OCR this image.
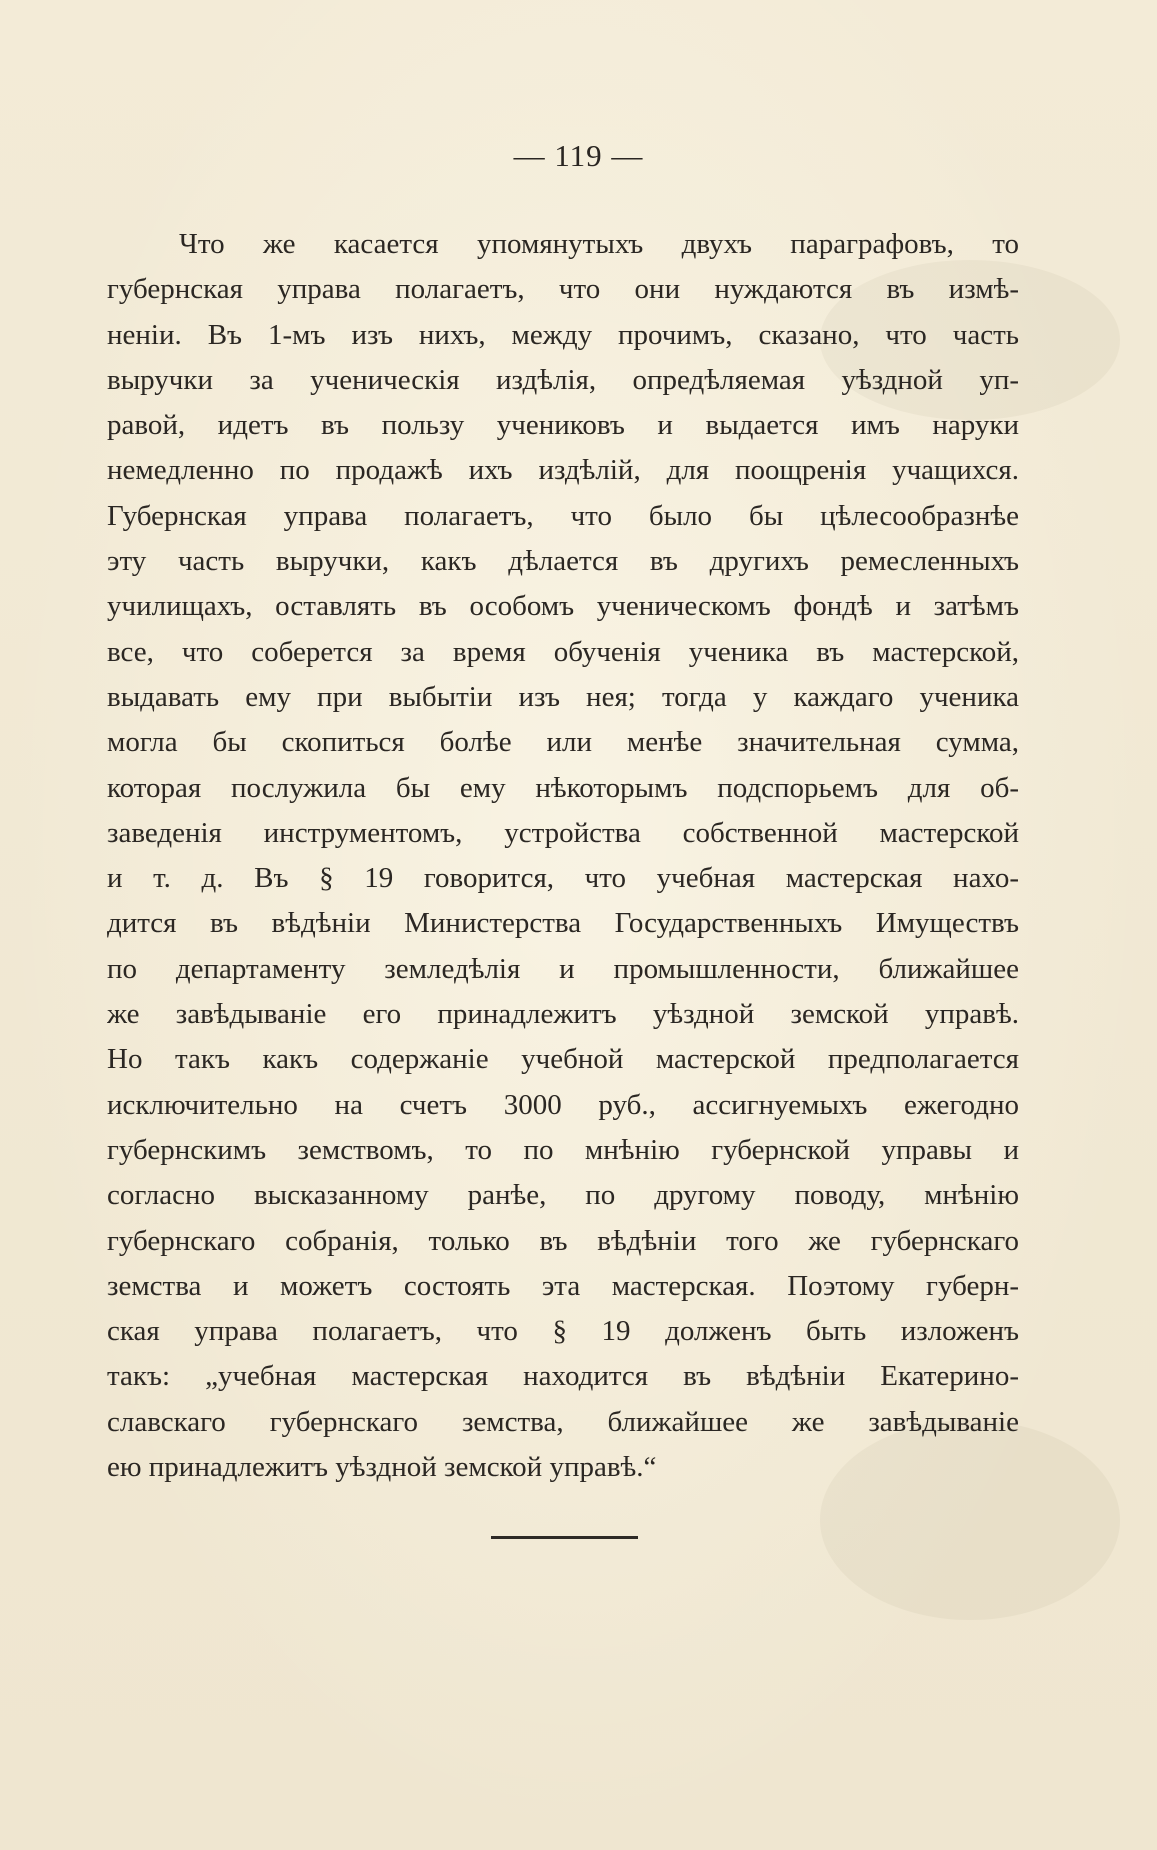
— 119 —
Что же касается упомянутыхъ двухъ параграфовъ, то
губернская управа полагаетъ, что они нуждаются въ измѣ-
неніи. Въ 1-мъ изъ нихъ, между прочимъ, сказано, что часть
выручки за ученическія издѣлія, опредѣляемая уѣздной уп-
равой, идетъ въ пользу учениковъ и выдается имъ наруки
немедленно по продажѣ ихъ издѣлій, для поощренія учащихся.
Губернская управа полагаетъ, что было бы цѣлесообразнѣе
эту часть выручки, какъ дѣлается въ другихъ ремесленныхъ
училищахъ, оставлять въ особомъ ученическомъ фондѣ и затѣмъ
все, что соберется за время обученія ученика въ мастерской,
выдавать ему при выбытіи изъ нея; тогда у каждаго ученика
могла бы скопиться болѣе или менѣе значительная сумма,
которая послужила бы ему нѣкоторымъ подспорьемъ для об-
заведенія инструментомъ, устройства собственной мастерской
и т. д. Въ § 19 говорится, что учебная мастерская нахо-
дится въ вѣдѣніи Министерства Государственныхъ Имуществъ
по департаменту земледѣлія и промышленности, ближайшее
же завѣдываніе его принадлежитъ уѣздной земской управѣ.
Но такъ какъ содержаніе учебной мастерской предполагается
исключительно на счетъ 3000 руб., ассигнуемыхъ ежегодно
губернскимъ земствомъ, то по мнѣнію губернской управы и
согласно высказанному ранѣе, по другому поводу, мнѣнію
губернскаго собранія, только въ вѣдѣніи того же губернскаго
земства и можетъ состоять эта мастерская. Поэтому губерн-
ская управа полагаетъ, что § 19 долженъ быть изложенъ
такъ: „учебная мастерская находится въ вѣдѣніи Екатерино-
славскаго губернскаго земства, ближайшее же завѣдываніе
ею принадлежитъ уѣздной земской управѣ.“
